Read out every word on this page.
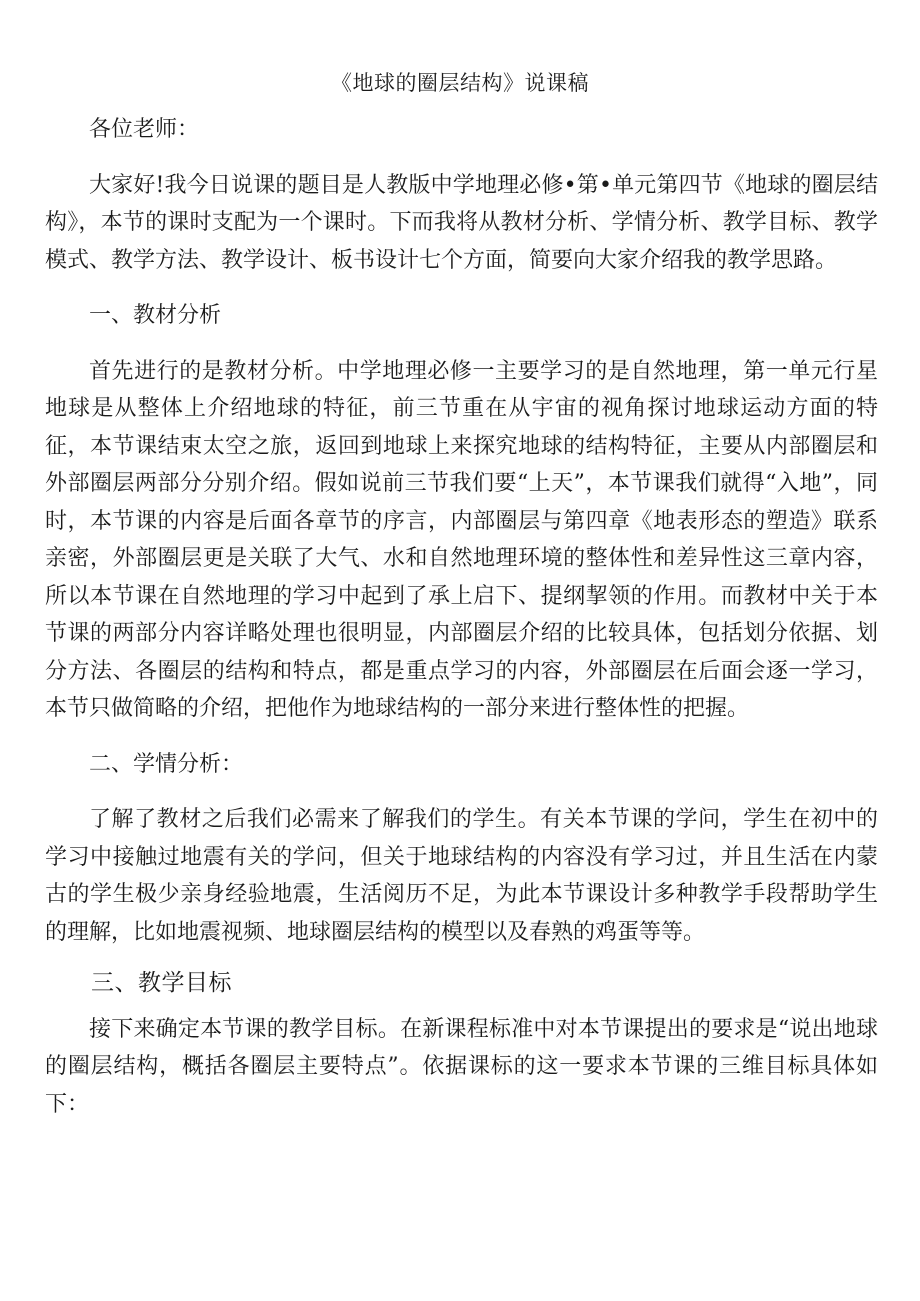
《地球的圈层结构》说课稿

各位老师：

大家好!我今日说课的题目是人教版中学地理必修•第•单元第四节《地球的圈层结构》，本节的课时支配为一个课时。下而我将从教材分析、学情分析、教学目标、教学模式、教学方法、教学设计、板书设计七个方面，简要向大家介绍我的教学思路。

一、教材分析

首先进行的是教材分析。中学地理必修一主要学习的是自然地理，第一单元行星地球是从整体上介绍地球的特征，前三节重在从宇宙的视角探讨地球运动方面的特征，本节课结束太空之旅，返回到地球上来探究地球的结构特征，主要从内部圈层和外部圈层两部分分别介绍。假如说前三节我们要“上天”，本节课我们就得“入地”，同时，本节课的内容是后面各章节的序言，内部圈层与第四章《地表形态的塑造》联系亲密，外部圈层更是关联了大气、水和自然地理环境的整体性和差异性这三章内容，所以本节课在自然地理的学习中起到了承上启下、提纲挈领的作用。而教材中关于本节课的两部分内容详略处理也很明显，内部圈层介绍的比较具体，包括划分依据、划分方法、各圈层的结构和特点，都是重点学习的内容，外部圈层在后面会逐一学习，本节只做简略的介绍，把他作为地球结构的一部分来进行整体性的把握。

二、学情分析：

了解了教材之后我们必需来了解我们的学生。有关本节课的学问，学生在初中的学习中接触过地震有关的学问，但关于地球结构的内容没有学习过，并且生活在内蒙古的学生极少亲身经验地震，生活阅历不足，为此本节课设计多种教学手段帮助学生的理解，比如地震视频、地球圈层结构的模型以及春熟的鸡蛋等等。

三、教学目标

接下来确定本节课的教学目标。在新课程标准中对本节课提出的要求是“说出地球的圈层结构，概括各圈层主要特点”。依据课标的这一要求本节课的三维目标具体如下：
